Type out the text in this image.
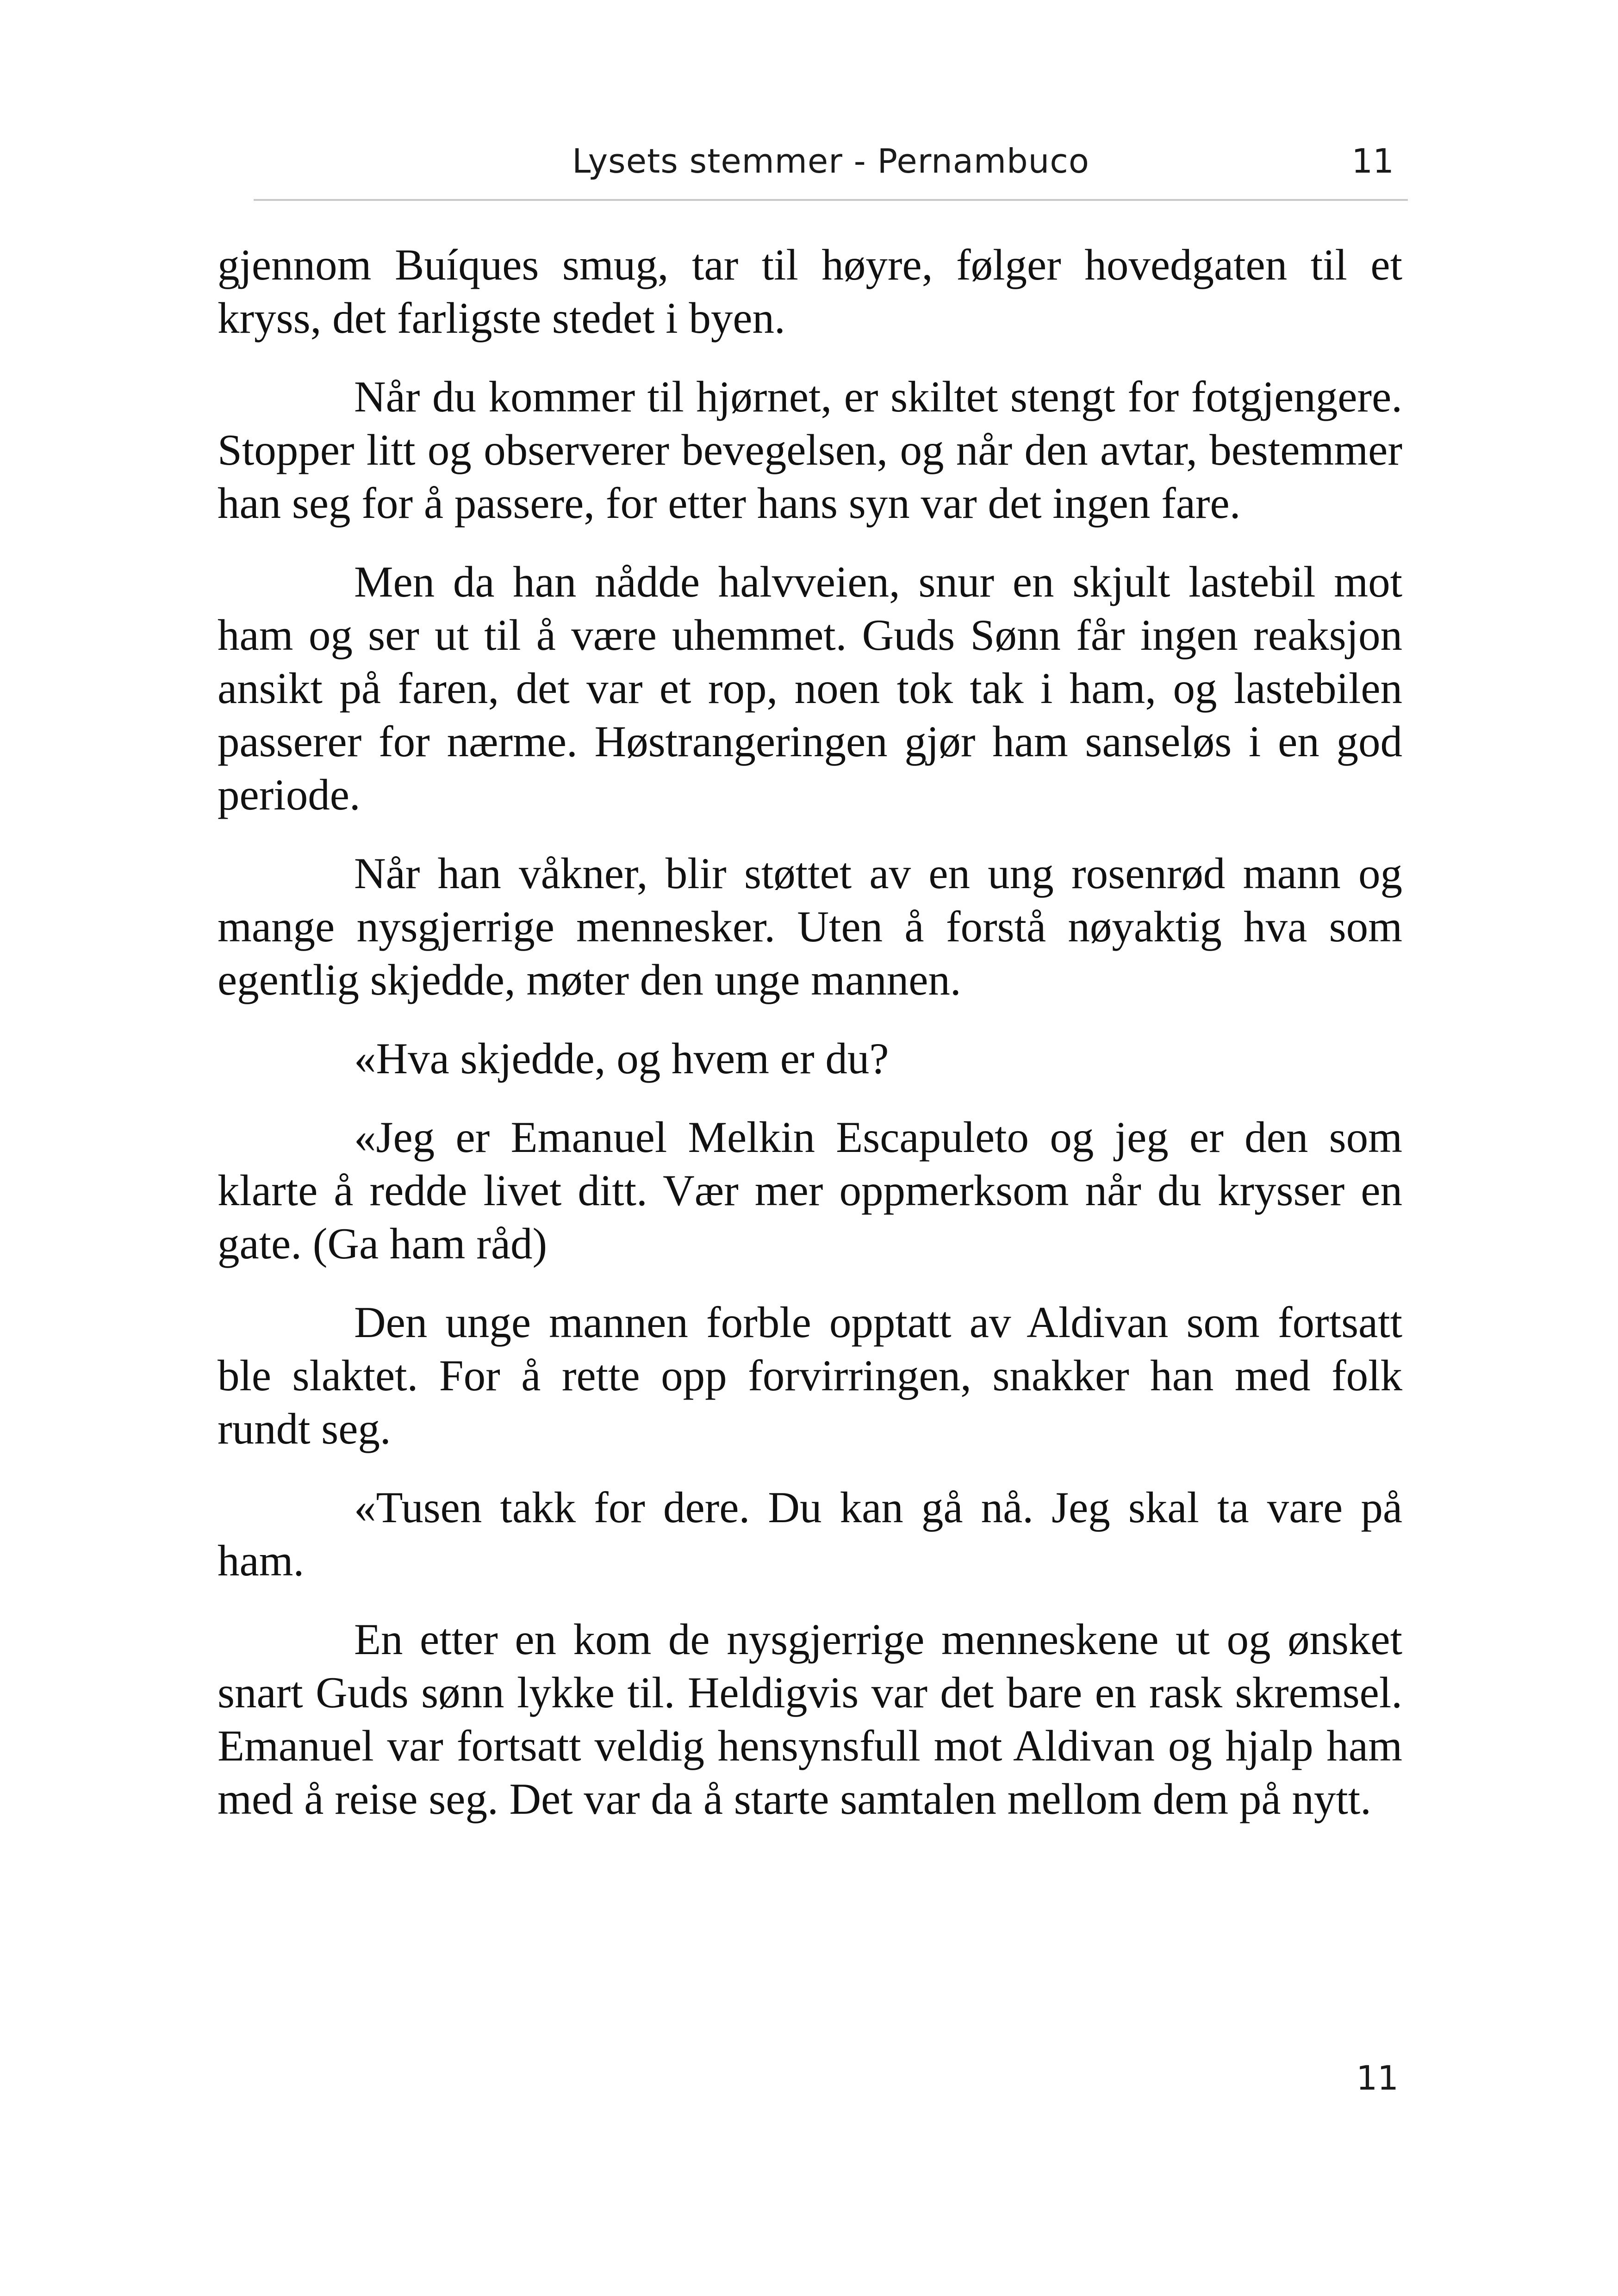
Lysets stemmer - Pernambuco	11

gjennom Buíques smug, tar til høyre, følger hovedgaten til et kryss, det farligste stedet i byen.

Når du kommer til hjørnet, er skiltet stengt for fotgjengere. Stopper litt og observerer bevegelsen, og når den avtar, bestemmer han seg for å passere, for etter hans syn var det ingen fare.

Men da han nådde halvveien, snur en skjult lastebil mot ham og ser ut til å være uhemmet. Guds Sønn får ingen reaksjon ansikt på faren, det var et rop, noen tok tak i ham, og lastebilen passerer for nærme. Høstrangeringen gjør ham sanseløs i en god periode.

Når han våkner, blir støttet av en ung rosenrød mann og mange nysgjerrige mennesker. Uten å forstå nøyaktig hva som egentlig skjedde, møter den unge mannen.

«Hva skjedde, og hvem er du?

«Jeg er Emanuel Melkin Escapuleto og jeg er den som klarte å redde livet ditt. Vær mer oppmerksom når du krysser en gate. (Ga ham råd)

Den unge mannen forble opptatt av Aldivan som fortsatt ble slaktet. For å rette opp forvirringen, snakker han med folk rundt seg.

«Tusen takk for dere. Du kan gå nå. Jeg skal ta vare på ham.

En etter en kom de nysgjerrige menneskene ut og ønsket snart Guds sønn lykke til. Heldigvis var det bare en rask skremsel. Emanuel var fortsatt veldig hensynsfull mot Aldivan og hjalp ham med å reise seg. Det var da å starte samtalen mellom dem på nytt.

11
